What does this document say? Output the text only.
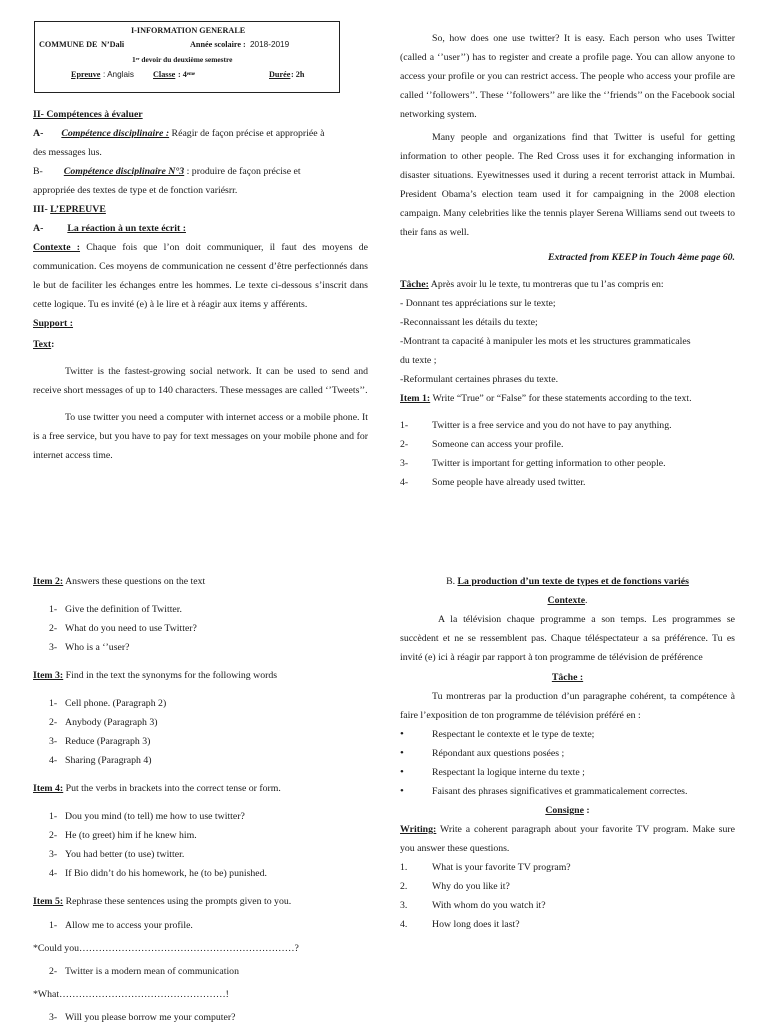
I-INFORMATION GENERALE
COMMUNE DE N’Dali	Année scolaire : 2018-2019
1ᵉʳ devoir du deuxième semestre
Epreuve : Anglais Classe : 4ᵉᵐᵉ	Durée : 2h

II- Compétences à évaluer

A- Compétence disciplinaire : Réagir de façon précise et appropriée à
des messages lus.

B- Compétence disciplinaire N°3 : produire de façon précise et
appropriée des textes de type et de fonction variésrr.

III- L’EPREUVE

A- La réaction à un texte écrit :

Contexte : Chaque fois que l’on doit communiquer, il faut des moyens de communication. Ces moyens de communication ne cessent d’être perfectionnés dans le but de faciliter les échanges entre les hommes. Le texte ci-dessous s’inscrit dans cette logique. Tu es invité (e) à le lire et à réagir aux items y afférents.

Support :

Text:

Twitter is the fastest-growing social network. It can be used to send and receive short messages of up to 140 characters. These messages are called ‘’Tweets’’.

To use twitter you need a computer with internet access or a mobile phone. It is a free service, but you have to pay for text messages on your mobile phone and for internet access time.

So, how does one use twitter? It is easy. Each person who uses Twitter (called a ‘’user’’) has to register and create a profile page. You can allow anyone to access your profile or you can restrict access. The people who access your profile are called ‘’followers’’. These ‘’followers’’ are like the ‘’friends’’ on the Facebook social networking system.

Many people and organizations find that Twitter is useful for getting information to other people. The Red Cross uses it for exchanging information in disaster situations. Eyewitnesses used it during a recent terrorist attack in Mumbai. President Obama’s election team used it for campaigning in the 2008 election campaign. Many celebrities like the tennis player Serena Williams send out tweets to their fans as well.

Extracted from KEEP in Touch 4ème page 60.

Tâche: Après avoir lu le texte, tu montreras que tu l’as compris en:

- Donnant tes appréciations sur le texte;

-Reconnaissant les détails du texte;

-Montrant ta capacité à manipuler les mots et les structures grammaticales

du texte ;

-Reformulant certaines phrases du texte.

Item 1: Write “True” or “False” for these statements according to the text.

1- Twitter is a free service and you do not have to pay anything.
2- Someone can access your profile.
3- Twitter is important for getting information to other people.
4- Some people have already used twitter.

Item 2: Answers these questions on the text

1- Give the definition of Twitter.
2- What do you need to use Twitter?
3- Who is a ‘’user?

Item 3: Find in the text the synonyms for the following words

1- Cell phone. (Paragraph 2)
2- Anybody (Paragraph 3)
3- Reduce (Paragraph 3)
4- Sharing (Paragraph 4)

Item 4: Put the verbs in brackets into the correct tense or form.

1- Dou you mind (to tell) me how to use twitter?
2- He (to greet) him if he knew him.
3- You had better (to use) twitter.
4- If Bio didn’t do his homework, he (to be) punished.

Item 5: Rephrase these sentences using the prompts given to you.

1- Allow me to access your profile.

*Could you…………………………………………………………?

2- Twitter is a modern mean of communication

*What……………………………………………!

3- Will you please borrow me your computer?

B. La production d’un texte de types et de fonctions variés

Contexte.

A la télévision chaque programme a son temps. Les programmes se succèdent et ne se ressemblent pas. Chaque téléspectateur a sa préférence. Tu es invité (e) ici à réagir par rapport à ton programme de télévision de préférence

Tâche :

Tu montreras par la production d’un paragraphe cohérent, ta compétence à faire l’exposition de ton programme de télévision préféré en :

•	Respectant le contexte et le type de texte;
•	Répondant aux questions posées ;
•	Respectant la logique interne du texte ;
•	Faisant des phrases significatives et grammaticalement correctes.

Consigne :

Writing: Write a coherent paragraph about your favorite TV program. Make sure you answer these questions.

1.	What is your favorite TV program?
2.	Why do you like it?
3.	With whom do you watch it?
4.	How long does it last?
